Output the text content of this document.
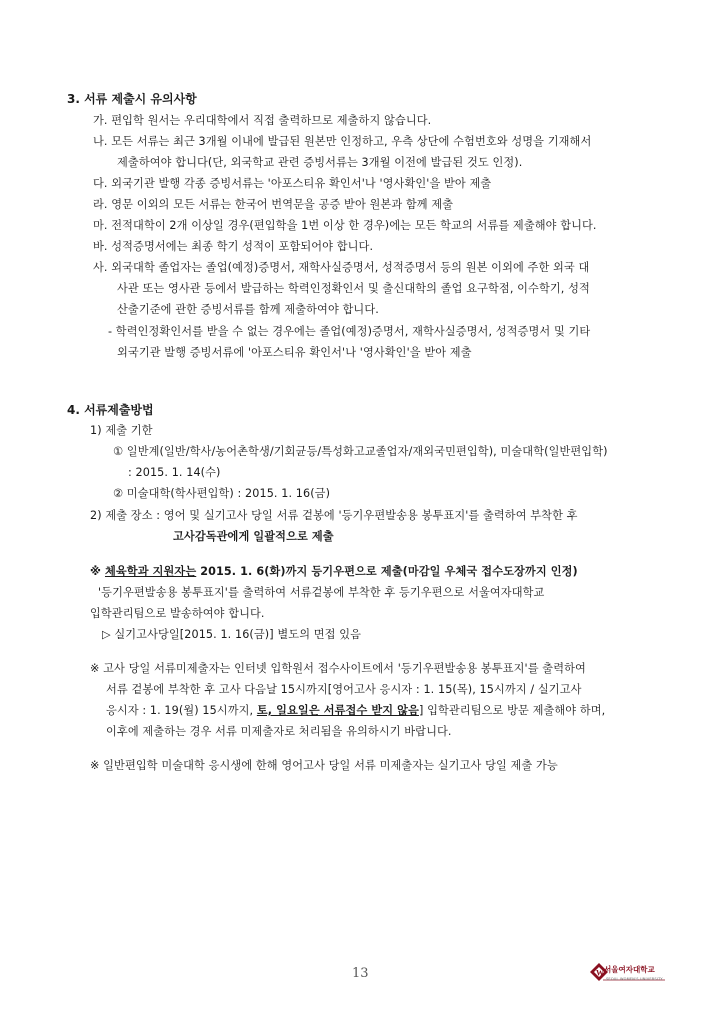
3. 서류 제출시 유의사항
가. 편입학 원서는 우리대학에서 직접 출력하므로 제출하지 않습니다.
나. 모든 서류는 최근 3개월 이내에 발급된 원본만 인정하고, 우측 상단에 수험번호와 성명을 기재해서
제출하여야 합니다(단, 외국학교 관련 증빙서류는 3개월 이전에 발급된 것도 인정).
다. 외국기관 발행 각종 증빙서류는 '아포스티유 확인서'나 '영사확인'을 받아 제출
라. 영문 이외의 모든 서류는 한국어 번역문을 공증 받아 원본과 함께 제출
마. 전적대학이 2개 이상일 경우(편입학을 1번 이상 한 경우)에는 모든 학교의 서류를 제출해야 합니다.
바. 성적증명서에는 최종 학기 성적이 포함되어야 합니다.
사. 외국대학 졸업자는 졸업(예정)증명서, 재학사실증명서, 성적증명서 등의 원본 이외에 주한 외국 대
사관 또는 영사관 등에서 발급하는 학력인정확인서 및 출신대학의 졸업 요구학점, 이수학기, 성적
산출기준에 관한 증빙서류를 함께 제출하여야 합니다.
- 학력인정확인서를 받을 수 없는 경우에는 졸업(예정)증명서, 재학사실증명서, 성적증명서 및 기타
외국기관 발행 증빙서류에 '아포스티유 확인서'나 '영사확인'을 받아 제출
4. 서류제출방법
1) 제출 기한
① 일반계(일반/학사/농어촌학생/기회균등/특성화고교졸업자/재외국민편입학), 미술대학(일반편입학)
: 2015. 1. 14(수)
② 미술대학(학사편입학) : 2015. 1. 16(금)
2) 제출 장소 : 영어 및 실기고사 당일 서류 겉봉에 '등기우편발송용 봉투표지'를 출력하여 부착한 후
고사감독관에게 일괄적으로 제출
※ 체육학과 지원자는 2015. 1. 6(화)까지 등기우편으로 제출(마감일 우체국 접수도장까지 인정)
'등기우편발송용 봉투표지'를 출력하여 서류겉봉에 부착한 후 등기우편으로 서울여자대학교
입학관리팀으로 발송하여야 합니다.
▷ 실기고사당일[2015. 1. 16(금)] 별도의 면접 있음
※ 고사 당일 서류미제출자는 인터넷 입학원서 접수사이트에서 '등기우편발송용 봉투표지'를 출력하여
서류 겉봉에 부착한 후 고사 다음날 15시까지[영어고사 응시자 : 1. 15(목), 15시까지 / 실기고사
응시자 : 1. 19(월) 15시까지, 토, 일요일은 서류접수 받지 않음] 입학관리팀으로 방문 제출해야 하며,
이후에 제출하는 경우 서류 미제출자로 처리됨을 유의하시기 바랍니다.
※ 일반편입학 미술대학 응시생에 한해 영어고사 당일 서류 미제출자는 실기고사 당일 제출 가능
13	W 서울여자대학교
SEOUL WOMEN'S UNIVERSITY
